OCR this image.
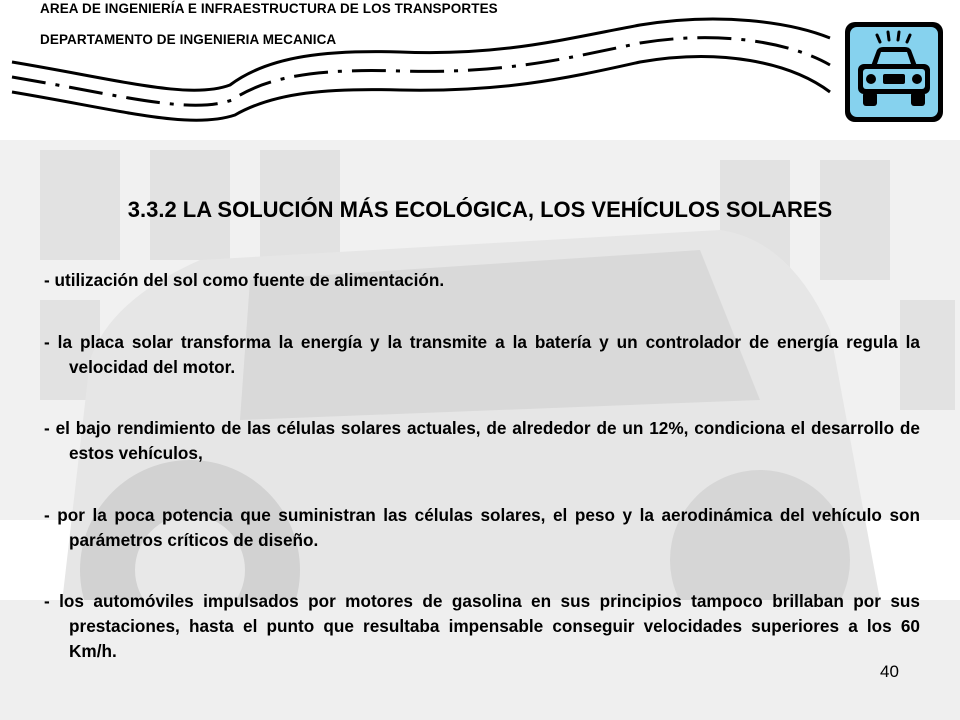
AREA DE INGENIERÍA E INFRAESTRUCTURA DE LOS TRANSPORTES
DEPARTAMENTO DE INGENIERIA MECANICA
3.3.2 LA SOLUCIÓN MÁS ECOLÓGICA, LOS VEHÍCULOS SOLARES

- utilización del sol como fuente de alimentación.

- la placa solar transforma la energía y la transmite a la batería y un controlador de energía regula la velocidad del motor.

- el bajo rendimiento de las células solares actuales, de alrededor de un 12%, condiciona el desarrollo de estos vehículos,

- por la poca potencia que suministran las células solares, el peso y la aerodinámica del vehículo son parámetros críticos de diseño.

- los automóviles impulsados por motores de gasolina en sus principios tampoco brillaban por sus prestaciones, hasta el punto que resultaba impensable conseguir velocidades superiores a los 60 Km/h.

40
